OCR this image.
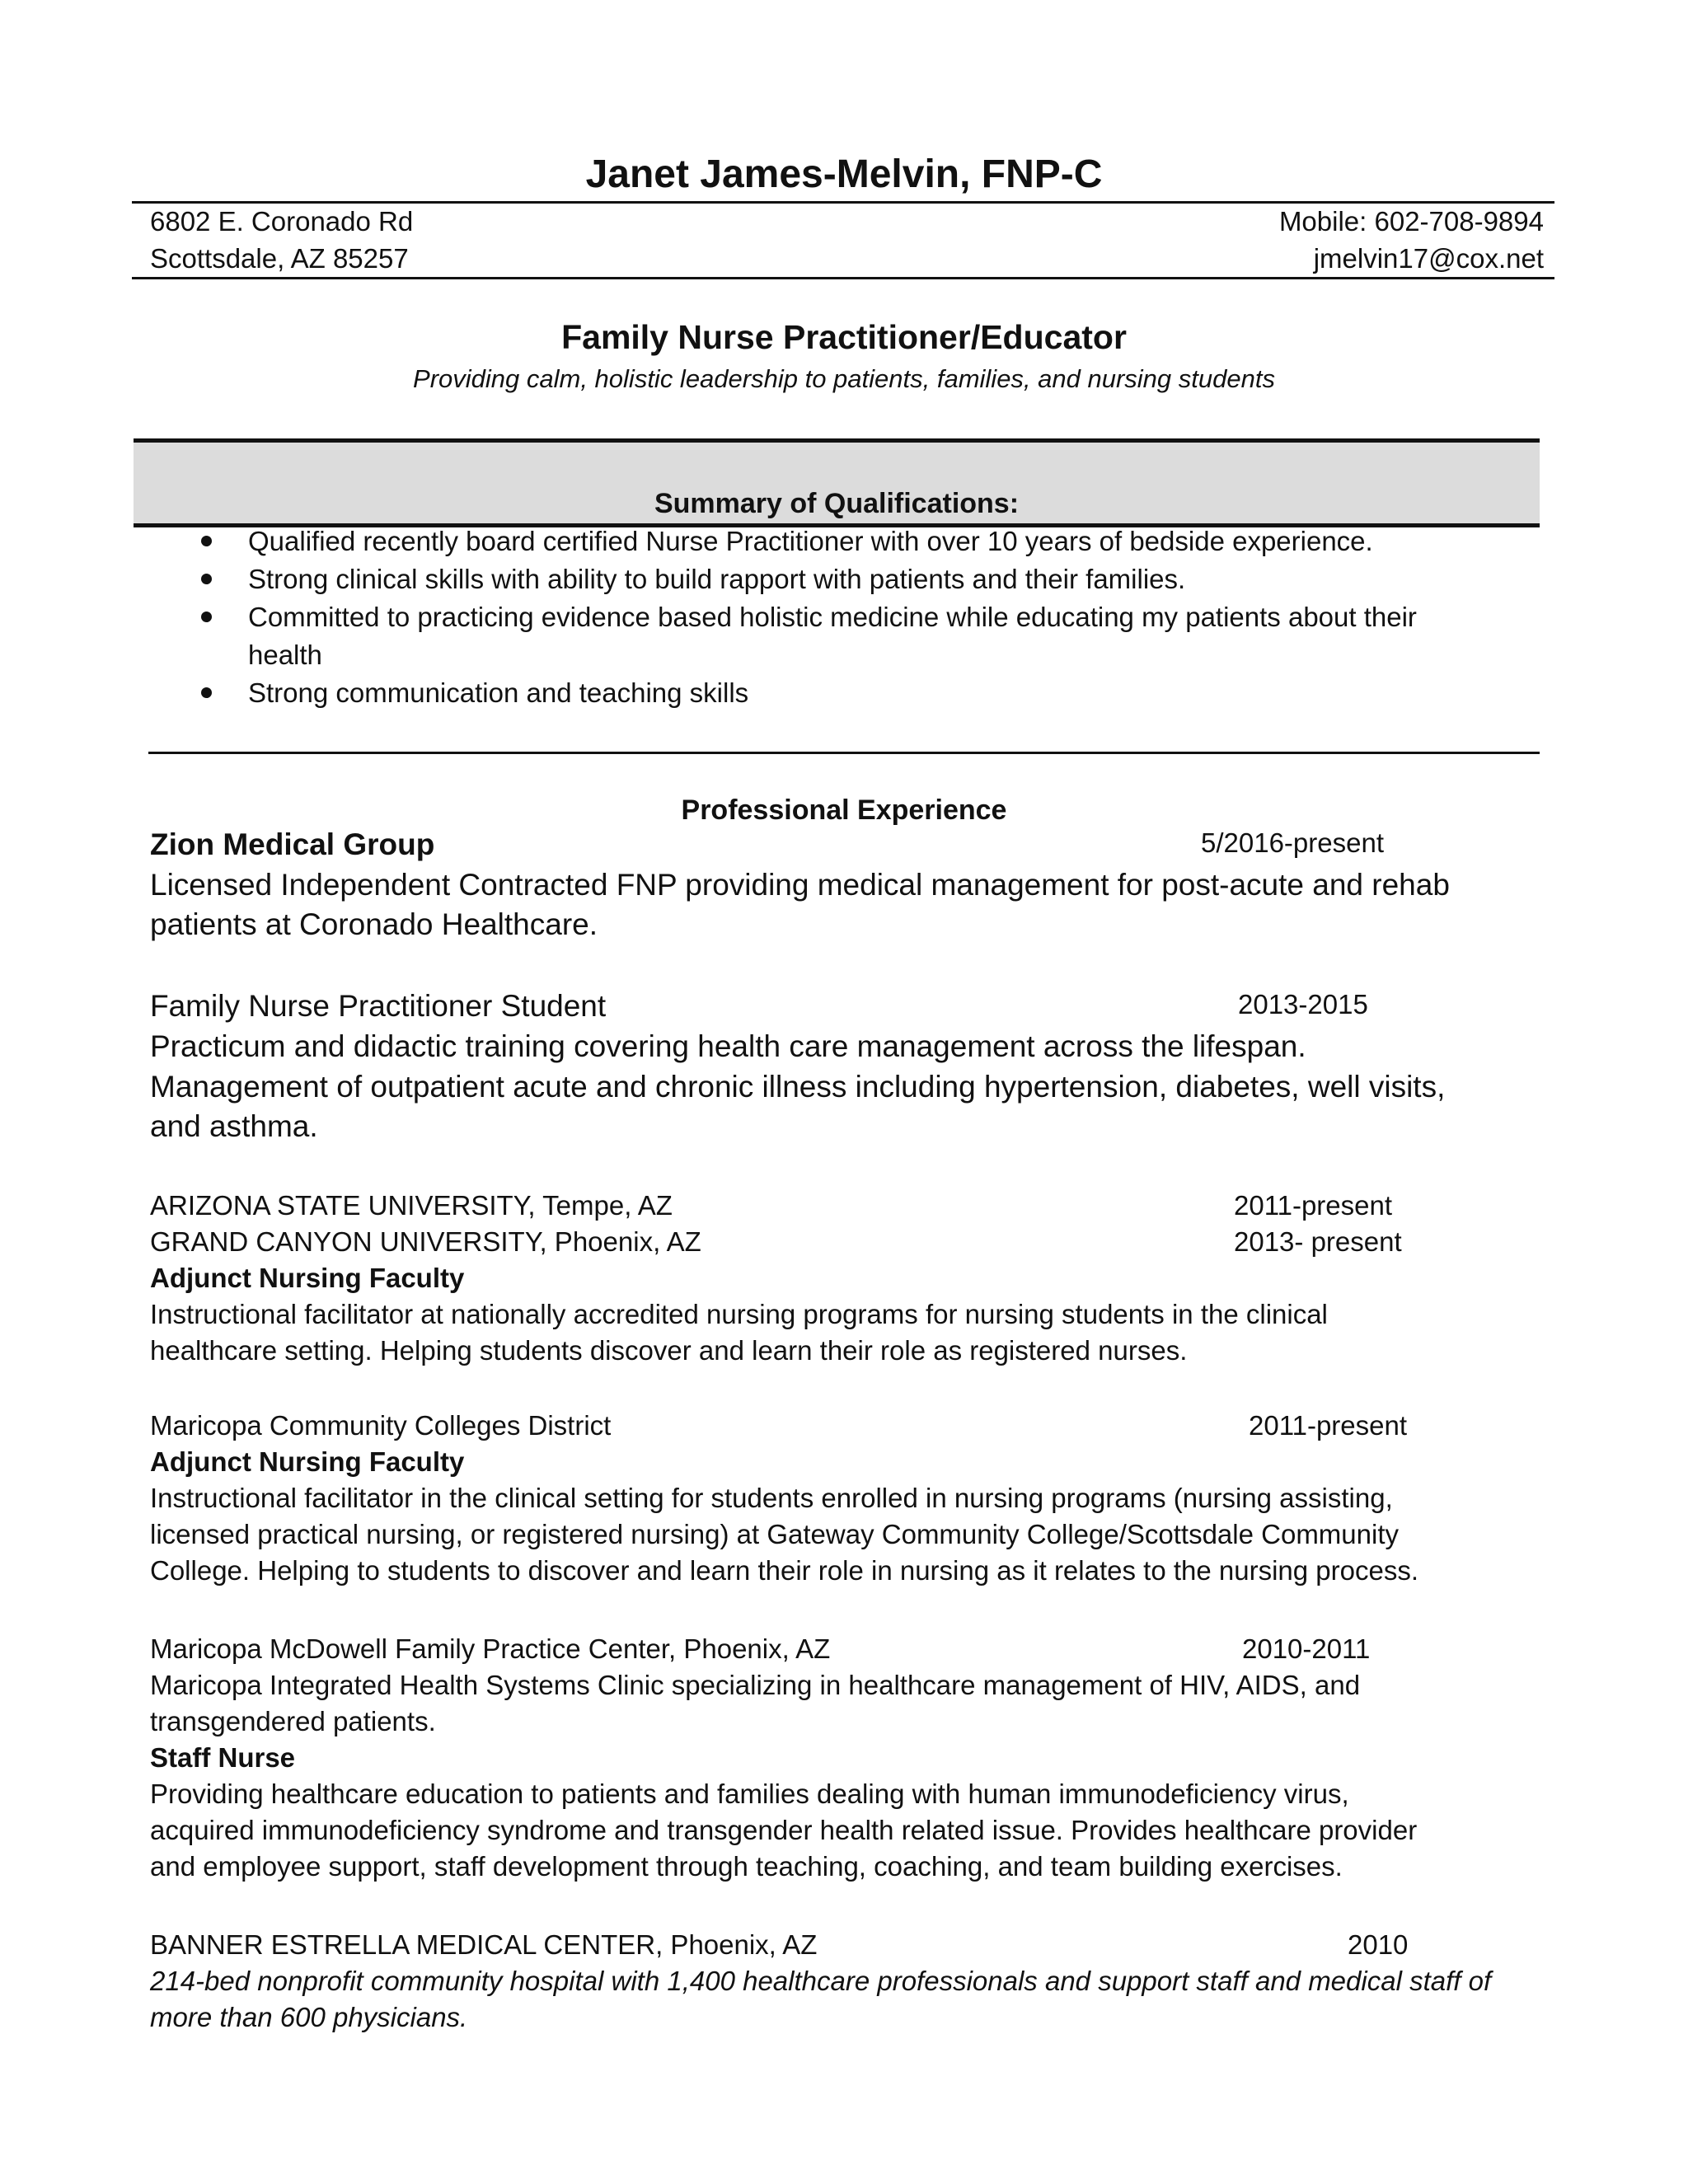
Janet James-Melvin, FNP-C
6802 E. Coronado Rd
Scottsdale, AZ 85257
Mobile: 602-708-9894
jmelvin17@cox.net
Family Nurse Practitioner/Educator
Providing calm, holistic leadership to patients, families, and nursing students
Summary of Qualifications:
Qualified recently board certified Nurse Practitioner with over 10 years of bedside experience.
Strong clinical skills with ability to build rapport with patients and their families.
Committed to practicing evidence based holistic medicine while educating my patients about their
health
Strong communication and teaching skills
Professional Experience
Zion Medical Group	5/2016-present
Licensed Independent Contracted FNP providing medical management for post-acute and rehab
patients at Coronado Healthcare.
Family Nurse Practitioner Student	2013-2015
Practicum and didactic training covering health care management across the lifespan.
Management of outpatient acute and chronic illness including hypertension, diabetes, well visits,
and asthma.
ARIZONA STATE UNIVERSITY, Tempe, AZ	2011-present
GRAND CANYON UNIVERSITY, Phoenix, AZ	2013- present
Adjunct Nursing Faculty
Instructional facilitator at nationally accredited nursing programs for nursing students in the clinical
healthcare setting. Helping students discover and learn their role as registered nurses.
Maricopa Community Colleges District	2011-present
Adjunct Nursing Faculty
Instructional facilitator in the clinical setting for students enrolled in nursing programs (nursing assisting,
licensed practical nursing, or registered nursing) at Gateway Community College/Scottsdale Community
College. Helping to students to discover and learn their role in nursing as it relates to the nursing process.
Maricopa McDowell Family Practice Center, Phoenix, AZ	2010-2011
Maricopa Integrated Health Systems Clinic specializing in healthcare management of HIV, AIDS, and
transgendered patients.
Staff Nurse
Providing healthcare education to patients and families dealing with human immunodeficiency virus,
acquired immunodeficiency syndrome and transgender health related issue. Provides healthcare provider
and employee support, staff development through teaching, coaching, and team building exercises.
BANNER ESTRELLA MEDICAL CENTER, Phoenix, AZ	2010
214-bed nonprofit community hospital with 1,400 healthcare professionals and support staff and medical staff of
more than 600 physicians.
